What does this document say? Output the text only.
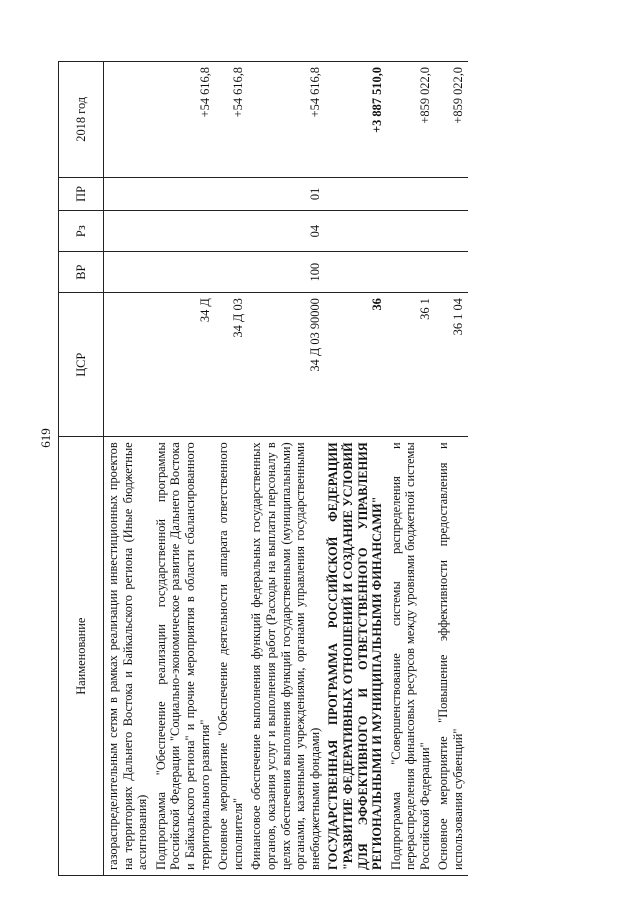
619
Наименование	ЦСР	ВР	Рз	ПР	2018 год
газораспределительным сетям в рамках реализации инвестиционных проектов на территориях Дальнего Востока и Байкальского региона (Иные бюджетные ассигнования)					
Подпрограмма "Обеспечение реализации государственной программы Российской Федерации "Социально-экономическое развитие Дальнего Востока и Байкальского региона" и прочие мероприятия в области сбалансированного территориального развития"	34 Д				+54 616,8
Основное мероприятие "Обеспечение деятельности аппарата ответственного исполнителя"	34 Д 03				+54 616,8
Финансовое обеспечение выполнения функций федеральных государственных органов, оказания услуг и выполнения работ (Расходы на выплаты персоналу в целях обеспечения выполнения функций государственными (муниципальными) органами, казенными учреждениями, органами управления государственными внебюджетными фондами)	34 Д 03 90000	100	04	01	+54 616,8
ГОСУДАРСТВЕННАЯ ПРОГРАММА РОССИЙСКОЙ ФЕДЕРАЦИИ "РАЗВИТИЕ ФЕДЕРАТИВНЫХ ОТНОШЕНИЙ И СОЗДАНИЕ УСЛОВИЙ ДЛЯ ЭФФЕКТИВНОГО И ОТВЕТСТВЕННОГО УПРАВЛЕНИЯ РЕГИОНАЛЬНЫМИ И МУНИЦИПАЛЬНЫМИ ФИНАНСАМИ"	36				+3 887 510,0
Подпрограмма "Совершенствование системы распределения и перераспределения финансовых ресурсов между уровнями бюджетной системы Российской Федерации"	36 1				+859 022,0
Основное мероприятие "Повышение эффективности предоставления и использования субвенций"	36 1 04				+859 022,0
